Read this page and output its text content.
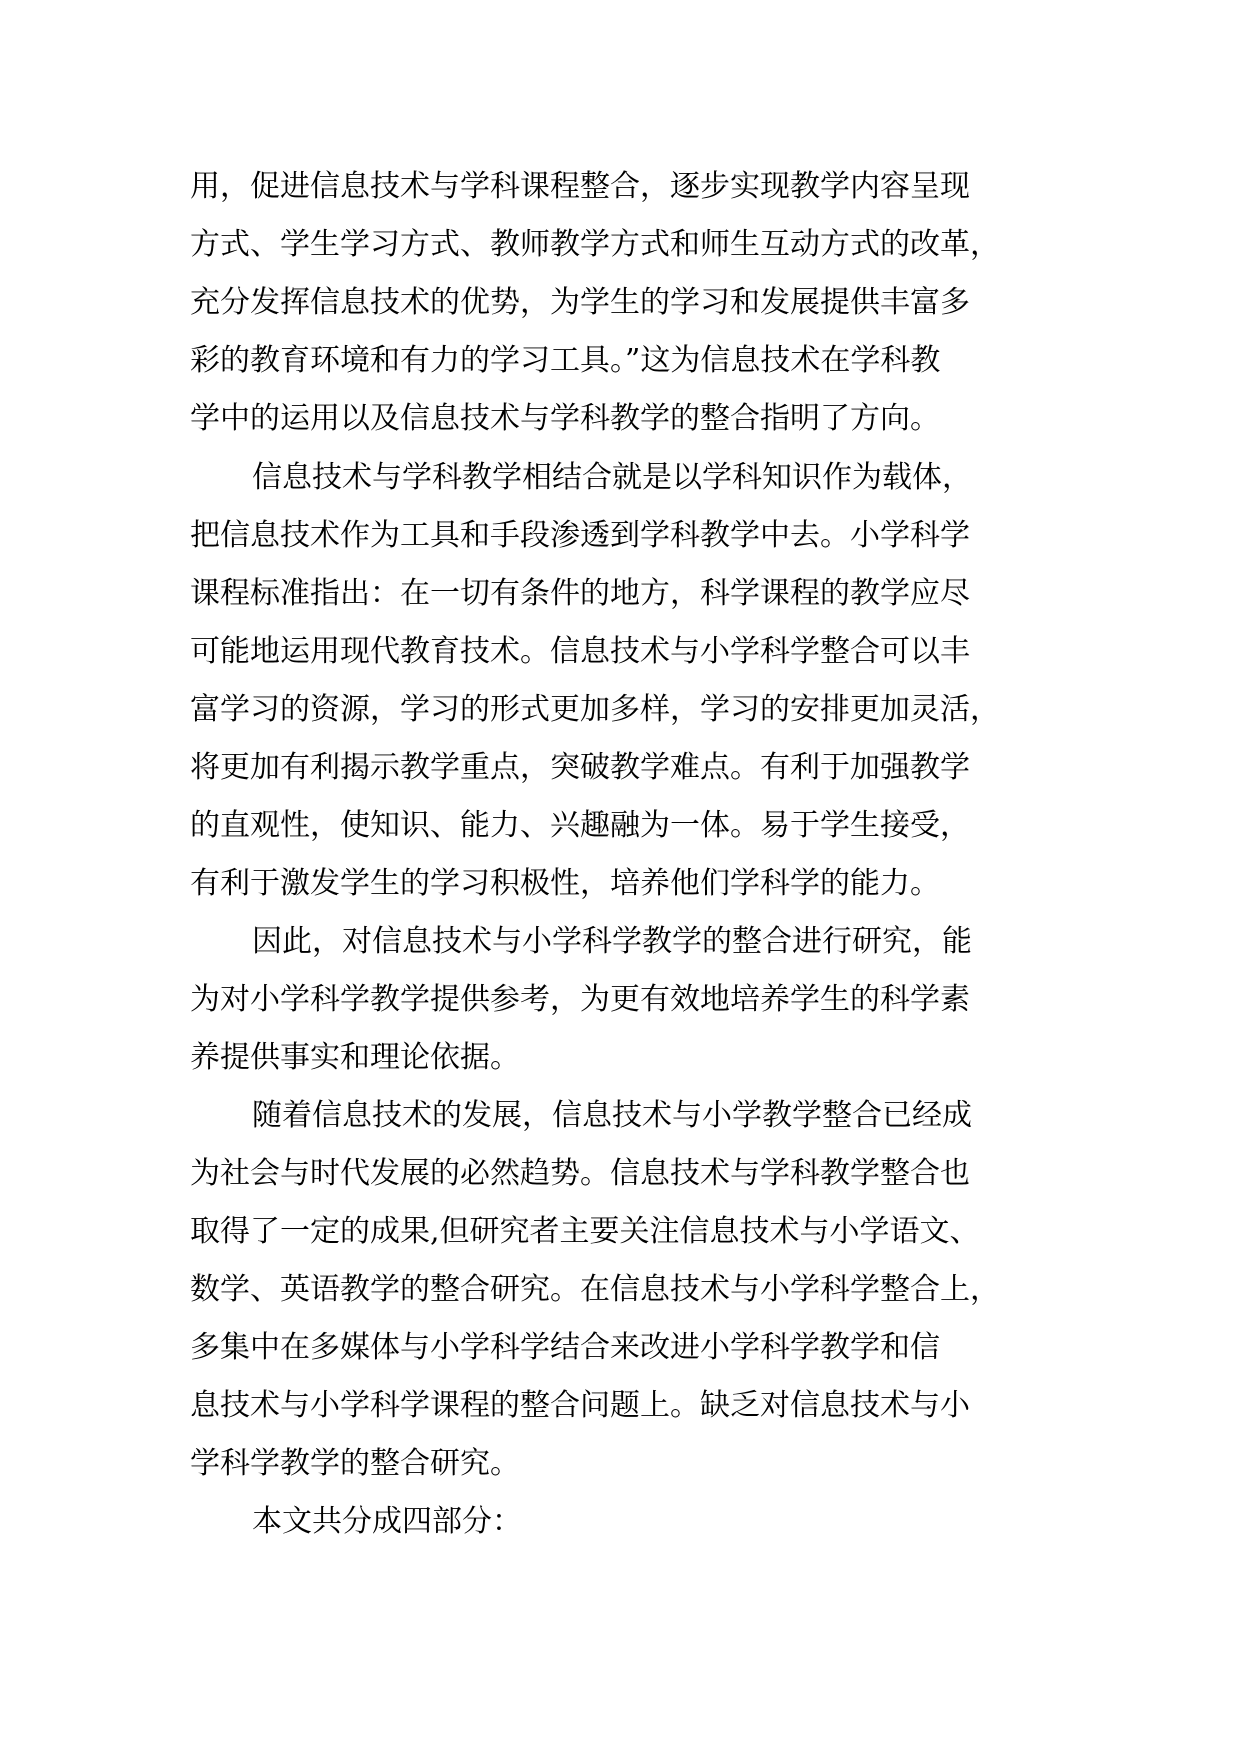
用，促进信息技术与学科课程整合，逐步实现教学内容呈现

方式、学生学习方式、教师教学方式和师生互动方式的改革，

充分发挥信息技术的优势，为学生的学习和发展提供丰富多

彩的教育环境和有力的学习工具。”这为信息技术在学科教

学中的运用以及信息技术与学科教学的整合指明了方向。

信息技术与学科教学相结合就是以学科知识作为载体，

把信息技术作为工具和手段渗透到学科教学中去。小学科学

课程标准指出：在一切有条件的地方，科学课程的教学应尽

可能地运用现代教育技术。信息技术与小学科学整合可以丰

富学习的资源，学习的形式更加多样，学习的安排更加灵活，

将更加有利揭示教学重点，突破教学难点。有利于加强教学

的直观性，使知识、能力、兴趣融为一体。易于学生接受，

有利于激发学生的学习积极性，培养他们学科学的能力。

因此，对信息技术与小学科学教学的整合进行研究，能

为对小学科学教学提供参考，为更有效地培养学生的科学素

养提供事实和理论依据。

随着信息技术的发展，信息技术与小学教学整合已经成

为社会与时代发展的必然趋势。信息技术与学科教学整合也

取得了一定的成果,但研究者主要关注信息技术与小学语文、

数学、英语教学的整合研究。在信息技术与小学科学整合上，

多集中在多媒体与小学科学结合来改进小学科学教学和信

息技术与小学科学课程的整合问题上。缺乏对信息技术与小

学科学教学的整合研究。

本文共分成四部分：
